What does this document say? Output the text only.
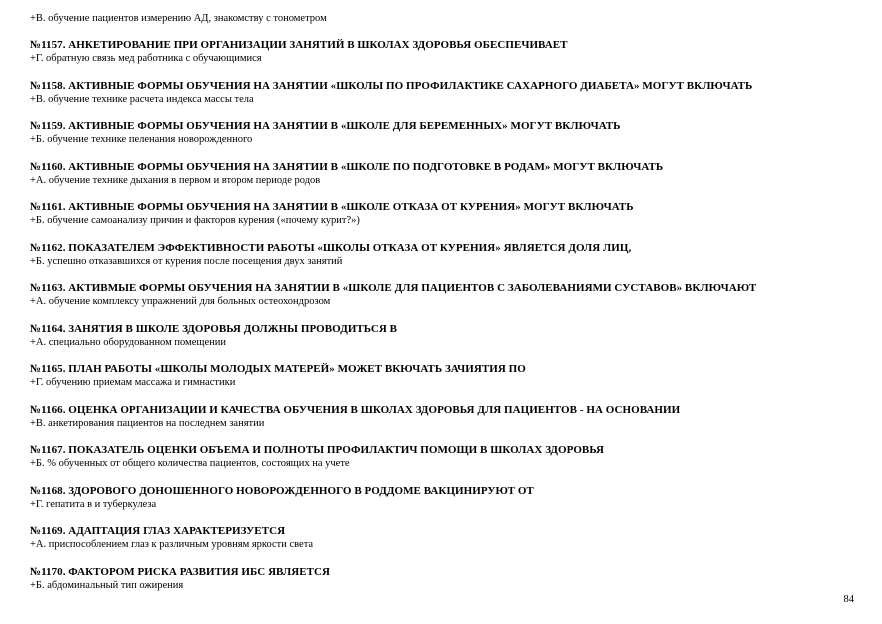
+В. обучение пациентов измерению АД, знакомству с тонометром
№1157. АНКЕТИРОВАНИЕ ПРИ ОРГАНИЗАЦИИ ЗАНЯТИЙ В ШКОЛАХ ЗДОРОВЬЯ ОБЕСПЕЧИВАЕТ
+Г. обратную связь мед работника с обучающимися
№1158. АКТИВНЫЕ ФОРМЫ ОБУЧЕНИЯ НА ЗАНЯТИИ «ШКОЛЫ ПО ПРОФИЛАКТИКЕ САХАРНОГО ДИАБЕТА» МОГУТ ВКЛЮЧАТЬ
+В. обучение технике расчета индекса массы тела
№1159. АКТИВНЫЕ ФОРМЫ ОБУЧЕНИЯ НА ЗАНЯТИИ В «ШКОЛЕ ДЛЯ БЕРЕМЕННЫХ» МОГУТ ВКЛЮЧАТЬ
+Б. обучение технике пеленания новорожденного
№1160. АКТИВНЫЕ ФОРМЫ ОБУЧЕНИЯ НА ЗАНЯТИИ В «ШКОЛЕ ПО ПОДГОТОВКЕ В РОДАМ» МОГУТ ВКЛЮЧАТЬ
+А. обучение технике дыхания в первом и втором периоде родов
№1161. АКТИВНЫЕ ФОРМЫ ОБУЧЕНИЯ НА ЗАНЯТИИ В «ШКОЛЕ ОТКАЗА ОТ КУРЕНИЯ» МОГУТ ВКЛЮЧАТЬ
+Б. обучение самоанализу причин и факторов курения («почему курит?»)
№1162. ПОКАЗАТЕЛЕМ ЭФФЕКТИВНОСТИ РАБОТЫ «ШКОЛЫ ОТКАЗА ОТ КУРЕНИЯ» ЯВЛЯЕТСЯ ДОЛЯ ЛИЦ,
+Б. успешно отказавшихся от курения после посещения двух занятий
№1163. АКТИВМЫЕ ФОРМЫ ОБУЧЕНИЯ НА ЗАНЯТИИ В «ШКОЛЕ ДЛЯ ПАЦИЕНТОВ С ЗАБОЛЕВАНИЯМИ СУСТАВОВ» ВКЛЮЧАЮТ
+А. обучение комплексу упражнений для больных остеохондрозом
№1164. ЗАНЯТИЯ В ШКОЛЕ ЗДОРОВЬЯ ДОЛЖНЫ ПРОВОДИТЬСЯ В
+А. специально оборудованном помещении
№1165. ПЛАН РАБОТЫ «ШКОЛЫ МОЛОДЫХ МАТЕРЕЙ» МОЖЕТ ВКЮЧАТЬ ЗАЧИЯТИЯ ПО
+Г. обучению приемам массажа и гимнастики
№1166. ОЦЕНКА ОРГАНИЗАЦИИ И КАЧЕСТВА ОБУЧЕНИЯ В ШКОЛАХ ЗДОРОВЬЯ ДЛЯ ПАЦИЕНТОВ - НА ОСНОВАНИИ
+В. анкетирования пациентов на последнем занятии
№1167. ПОКАЗАТЕЛЬ ОЦЕНКИ ОБЪЕМА И ПОЛНОТЫ ПРОФИЛАКТИЧ ПОМОЩИ В ШКОЛАХ ЗДОРОВЬЯ
+Б. % обученных от общего количества пациентов, состоящих на учете
№1168. ЗДОРОВОГО ДОНОШЕННОГО НОВОРОЖДЕННОГО В РОДДОМЕ ВАКЦИНИРУЮТ ОТ
+Г. гепатита в и туберкулеза
№1169. АДАПТАЦИЯ ГЛАЗ ХАРАКТЕРИЗУЕТСЯ
+А. приспособлением глаз к различным уровням яркости света
№1170. ФАКТОРОМ РИСКА РАЗВИТИЯ ИБС ЯВЛЯЕТСЯ
+Б. абдоминальный тип ожирения
84
